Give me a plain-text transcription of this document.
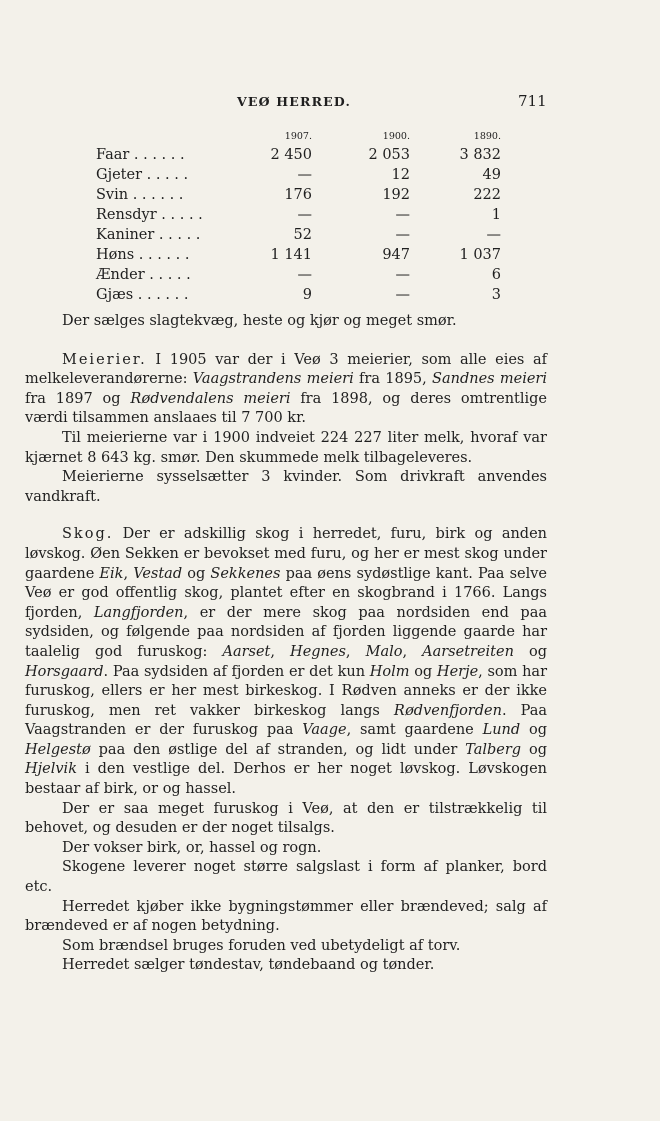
VEØ HERRED.	711
	1907.	1900.	1890.
Faar . . . . . .	2 450	2 053	3 832
Gjeter . . . . .	—	12	49
Svin . . . . . .	176	192	222
Rensdyr . . . . .	—	—	1
Kaniner . . . . .	52	—	—
Høns . . . . . .	1 141	947	1 037
Ænder . . . . .	—	—	6
Gjæs . . . . . .	9	—	3

Der sælges slagtekvæg, heste og kjør og meget smør.

Meierier. I 1905 var der i Veø 3 meierier, som alle eies af melkeleverandørerne: Vaagstrandens meieri fra 1895, Sandnes meieri fra 1897 og Rødvendalens meieri fra 1898, og deres omtrentlige værdi tilsammen anslaaes til 7 700 kr.

Til meierierne var i 1900 indveiet 224 227 liter melk, hvoraf var kjærnet 8 643 kg. smør. Den skummede melk tilbageleveres.

Meierierne sysselsætter 3 kvinder. Som drivkraft anvendes vandkraft.

Skog. Der er adskillig skog i herredet, furu, birk og anden løvskog. Øen Sekken er bevokset med furu, og her er mest skog under gaardene Eik, Vestad og Sekkenes paa øens sydøstlige kant. Paa selve Veø er god offentlig skog, plantet efter en skogbrand i 1766. Langs fjorden, Langfjorden, er der mere skog paa nordsiden end paa sydsiden, og følgende paa nordsiden af fjorden liggende gaarde har taalelig god furuskog: Aarset, Hegnes, Malo, Aarsetreiten og Horsgaard. Paa sydsiden af fjorden er det kun Holm og Herje, som har furuskog, ellers er her mest birkeskog. I Rødven anneks er der ikke furuskog, men ret vakker birkeskog langs Rødvenfjorden. Paa Vaagstranden er der furuskog paa Vaage, samt gaardene Lund og Helgestø paa den østlige del af stranden, og lidt under Talberg og Hjelvik i den vestlige del. Derhos er her noget løvskog. Løvskogen bestaar af birk, or og hassel.

Der er saa meget furuskog i Veø, at den er tilstrækkelig til behovet, og desuden er der noget tilsalgs.

Der vokser birk, or, hassel og rogn.

Skogene leverer noget større salgslast i form af planker, bord etc.

Herredet kjøber ikke bygningstømmer eller brændeved; salg af brændeved er af nogen betydning.

Som brændsel bruges foruden ved ubetydeligt af torv.

Herredet sælger tøndestav, tøndebaand og tønder.
